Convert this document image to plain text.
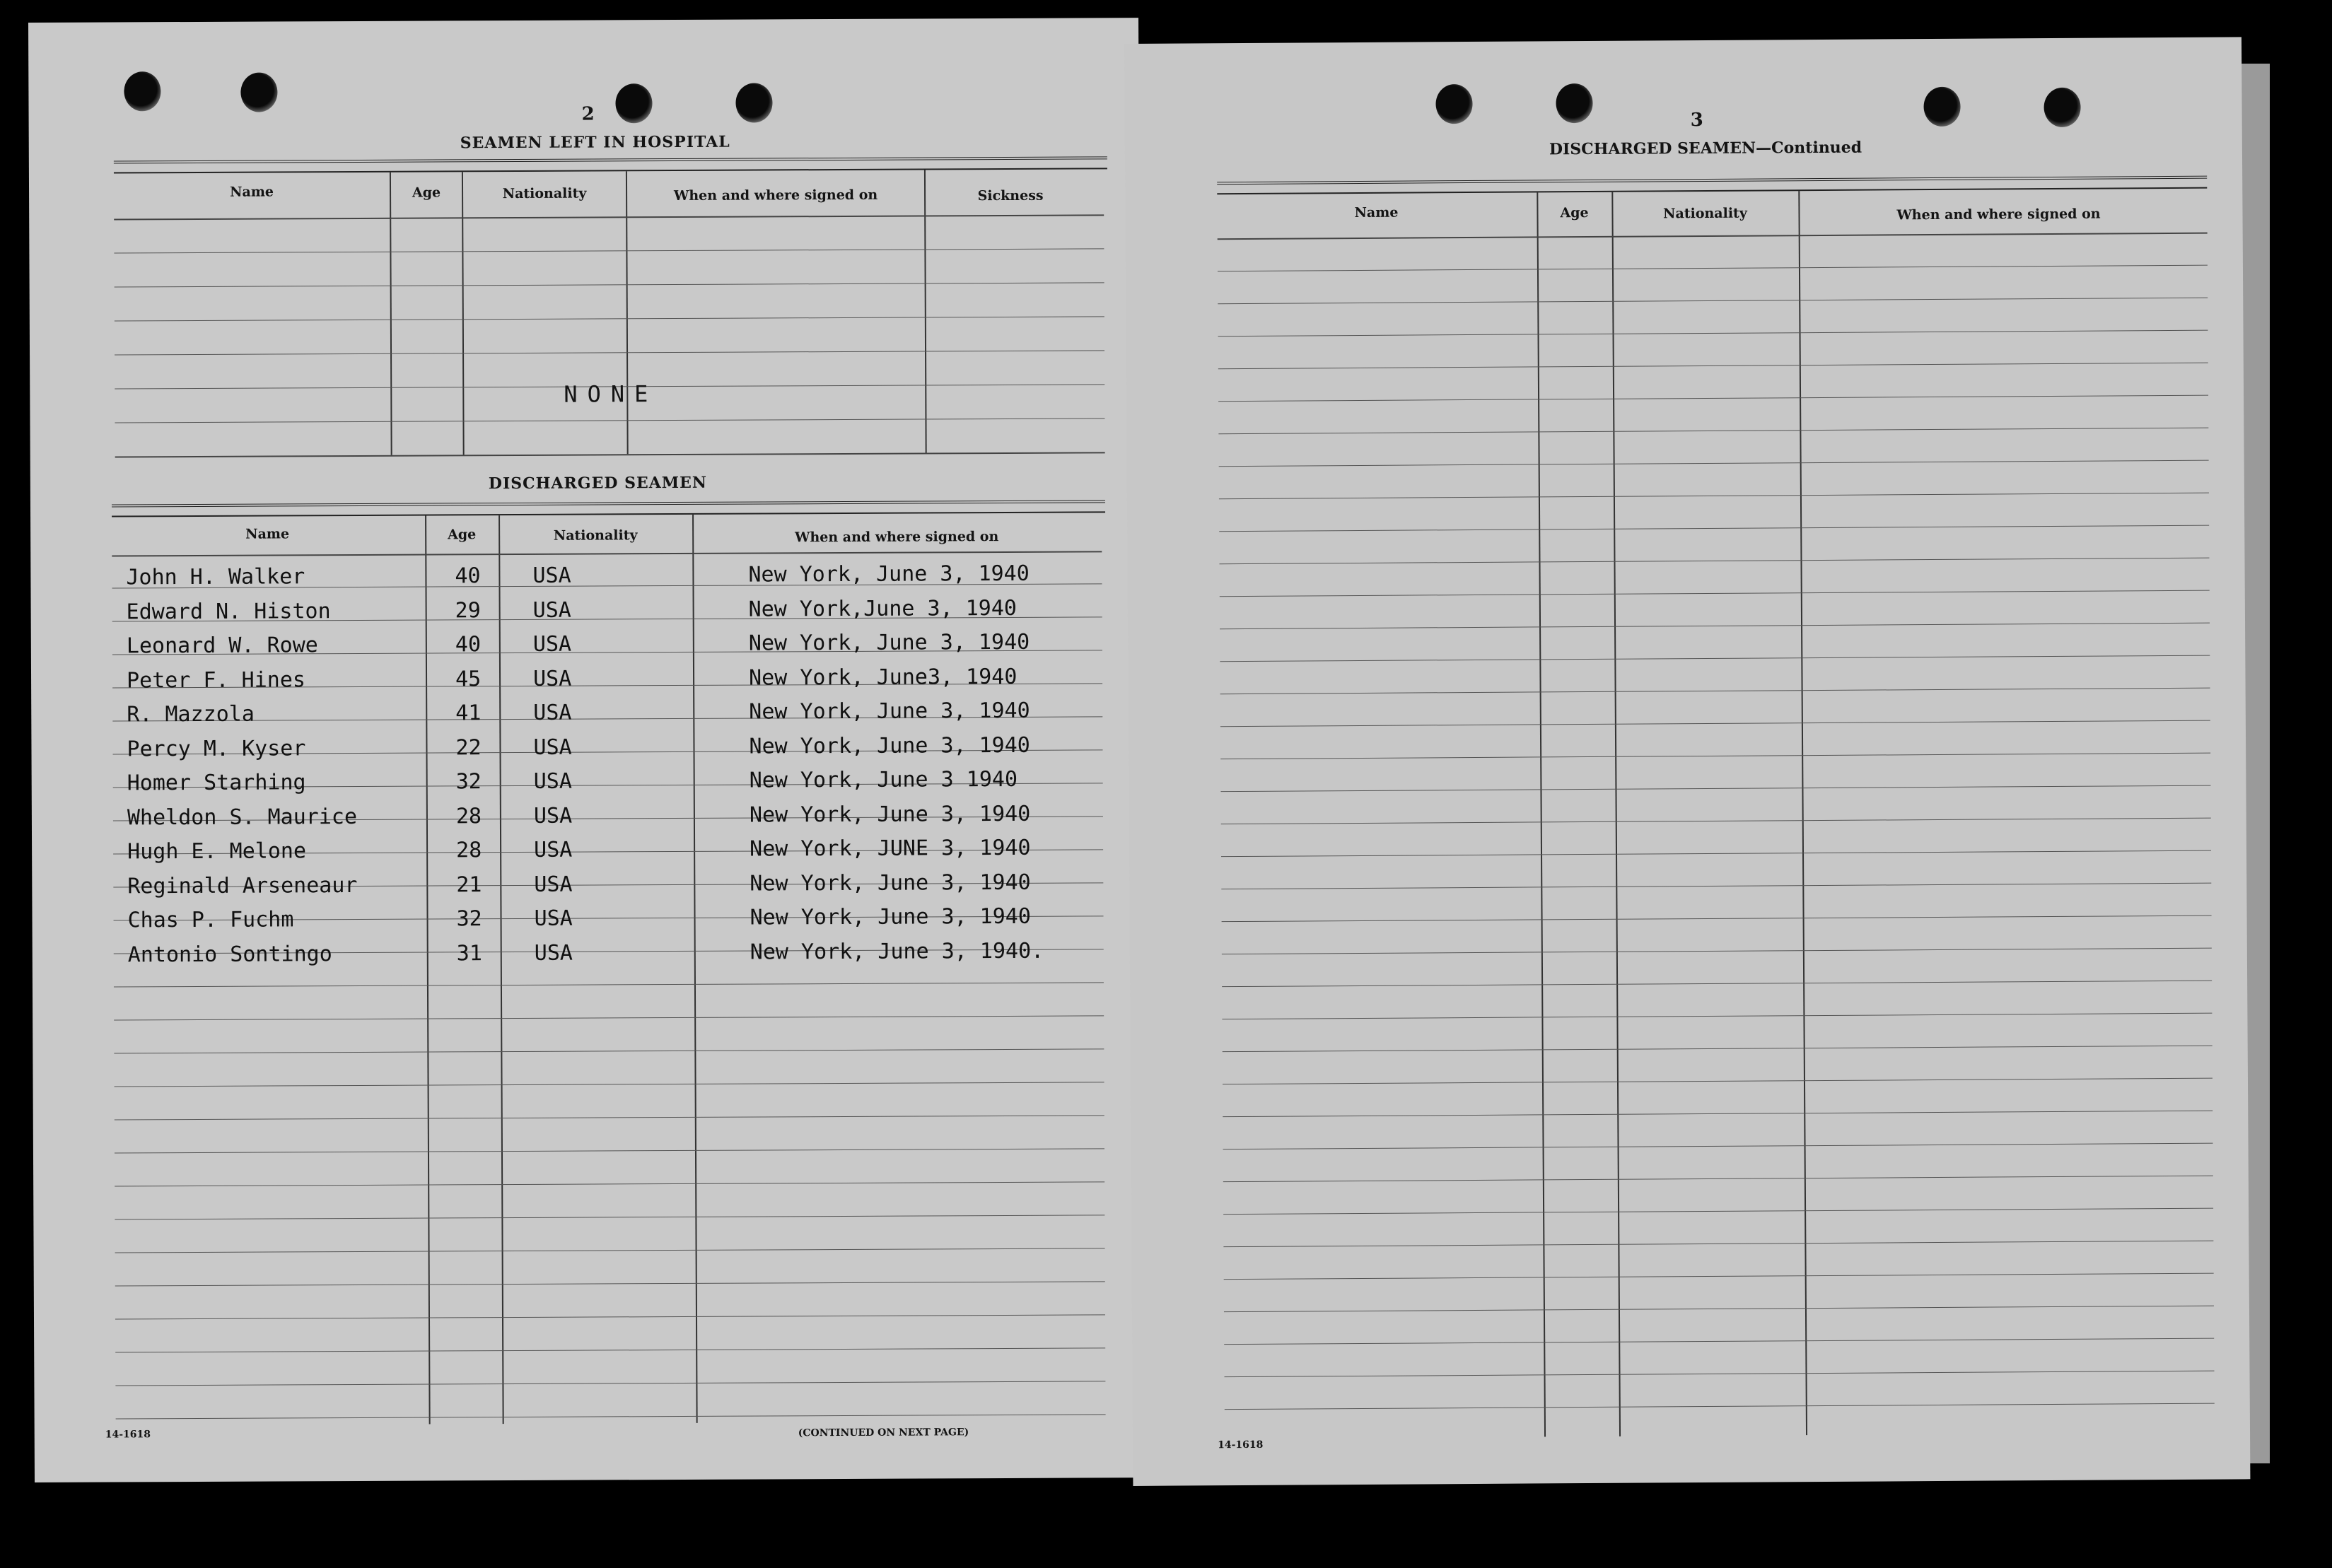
2
SEAMEN LEFT IN HOSPITAL
Name	Age	Nationality	When and where signed on	Sickness
NONE
DISCHARGED SEAMEN
Name	Age	Nationality	When and where signed on
John H. Walker	40 USA	New York, June 3, 1940
Edward N. Histon	29 USA	New York,June 3, 1940
Leonard W. Rowe	40 USA	New York, June 3, 1940
Peter F. Hines	45 USA	New York, June3, 1940
R. Mazzola	41 USA	New York, June 3, 1940
Percy M. Kyser	22 USA	New York, June 3, 1940
Homer Starhing	32 USA	New York, June 3 1940
Wheldon S. Maurice	28 USA	New York, June 3, 1940
Hugh E. Melone	28 USA	New York, JUNE 3, 1940
Reginald Arseneaur	21 USA	New York, June 3, 1940
Chas P. Fuchm	32 USA	New York, June 3, 1940
Antonio Sontingo	31 USA	New York, June 3, 1940.
14-1618	(CONTINUED ON NEXT PAGE)
3
DISCHARGED SEAMEN—Continued
Name	Age	Nationality	When and where signed on
14-1618
